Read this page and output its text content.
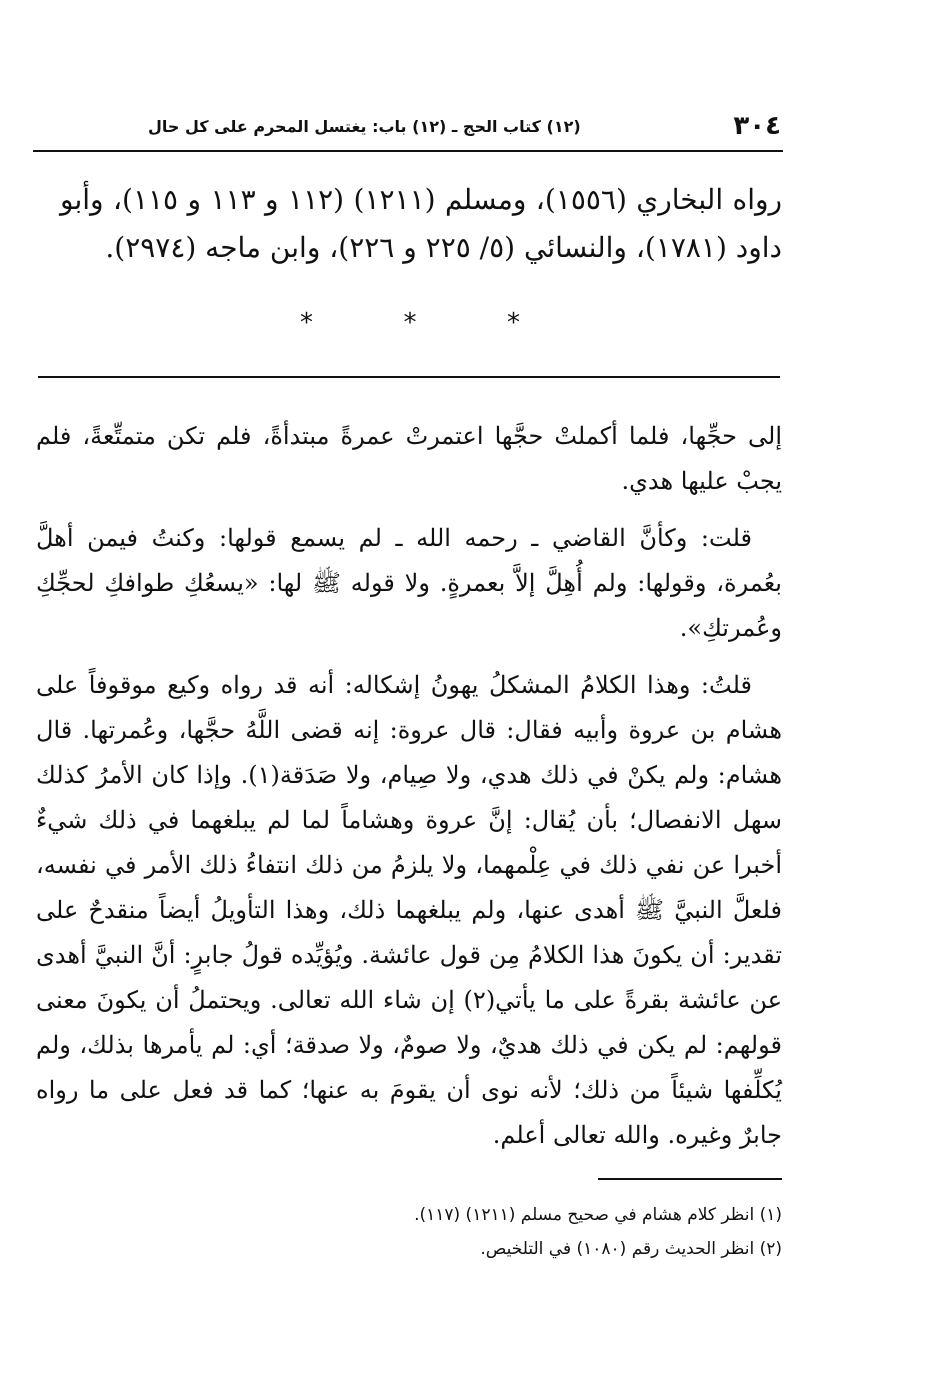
٣٠٤
(١٢) كتاب الحج ـ (١٢) باب: يغتسل المحرم على كل حال

رواه البخاري (١٥٥٦)، ومسلم (١٢١١) (١١٢ و ١١٣ و ١١٥)، وأبو داود (١٧٨١)، والنسائي (٥/ ٢٢٥ و ٢٢٦)، وابن ماجه (٢٩٧٤).

*	*	*

إلى حجِّها، فلما أكملتْ حجَّها اعتمرتْ عمرةً مبتدأةً، فلم تكن متمتِّعةً، فلم يجبْ عليها هدي.

قلت: وكأنَّ القاضي ـ رحمه الله ـ لم يسمع قولها: وكنتُ فيمن أهلَّ بعُمرة، وقولها: ولم أُهِلَّ إلاَّ بعمرةٍ. ولا قوله ﷺ لها: «يسعُكِ طوافكِ لحجِّكِ وعُمرتكِ».

قلتُ: وهذا الكلامُ المشكلُ يهونُ إشكاله: أنه قد رواه وكيع موقوفاً على هشام بن عروة وأبيه فقال: قال عروة: إنه قضى اللَّهُ حجَّها، وعُمرتها. قال هشام: ولم يكنْ في ذلك هدي، ولا صِيام، ولا صَدَقة(١). وإذا كان الأمرُ كذلك سهل الانفصال؛ بأن يُقال: إنَّ عروة وهشاماً لما لم يبلغهما في ذلك شيءٌ أخبرا عن نفي ذلك في عِلْمهما، ولا يلزمُ من ذلك انتفاءُ ذلك الأمر في نفسه، فلعلَّ النبيَّ ﷺ أهدى عنها، ولم يبلغهما ذلك، وهذا التأويلُ أيضاً منقدحٌ على تقدير: أن يكونَ هذا الكلامُ مِن قول عائشة. ويُؤيِّده قولُ جابرٍ: أنَّ النبيَّ أهدى عن عائشة بقرةً على ما يأتي(٢) إن شاء الله تعالى. ويحتملُ أن يكونَ معنى قولهم: لم يكن في ذلك هديٌ، ولا صومٌ، ولا صدقة؛ أي: لم يأمرها بذلك، ولم يُكلِّفها شيئاً من ذلك؛ لأنه نوى أن يقومَ به عنها؛ كما قد فعل على ما رواه جابرٌ وغيره. والله تعالى أعلم.

(١) انظر كلام هشام في صحيح مسلم (١٢١١) (١١٧).

(٢) انظر الحديث رقم (١٠٨٠) في التلخيص.
